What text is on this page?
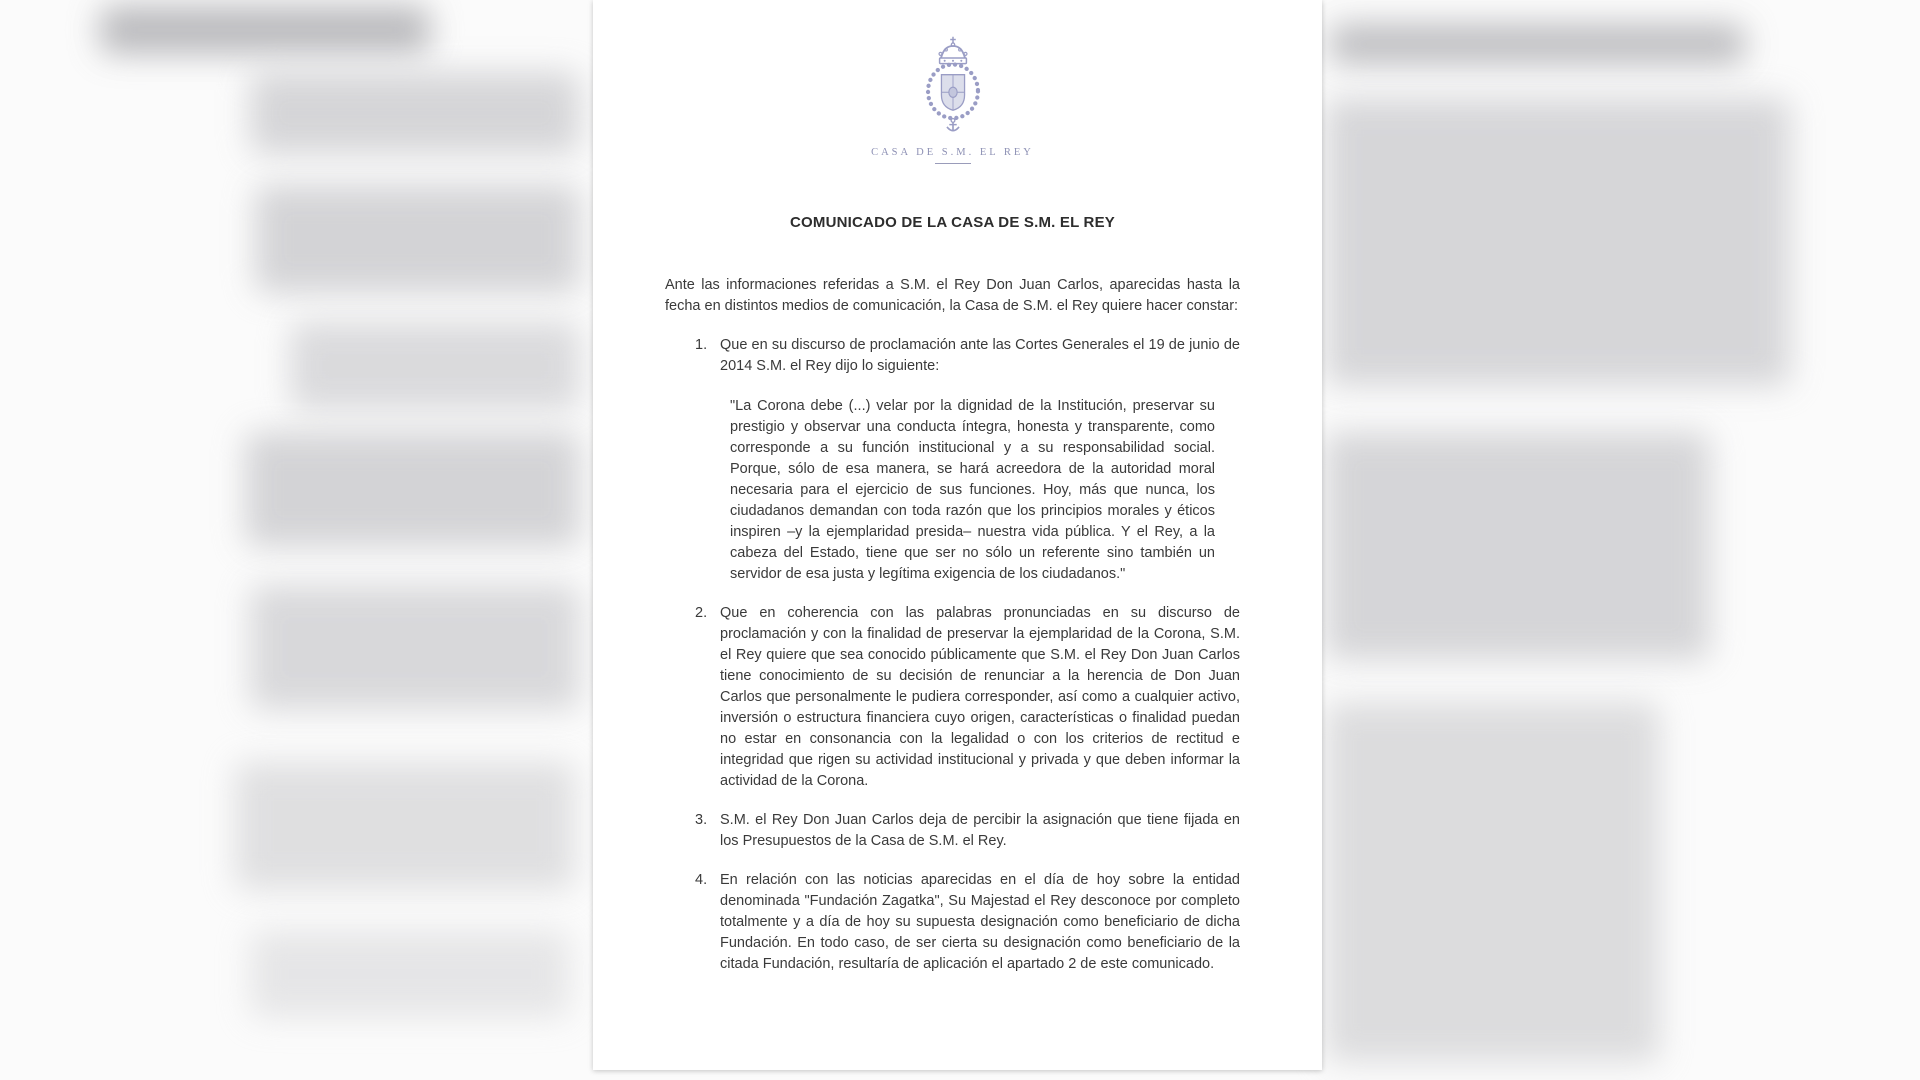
CASA DE S.M. EL REY
COMUNICADO DE LA CASA DE S.M. EL REY

Ante las informaciones referidas a S.M. el Rey Don Juan Carlos, aparecidas hasta la fecha en distintos medios de comunicación, la Casa de S.M. el Rey quiere hacer constar:

1. Que en su discurso de proclamación ante las Cortes Generales el 19 de junio de 2014 S.M. el Rey dijo lo siguiente:

"La Corona debe (...) velar por la dignidad de la Institución, preservar su prestigio y observar una conducta íntegra, honesta y transparente, como corresponde a su función institucional y a su responsabilidad social. Porque, sólo de esa manera, se hará acreedora de la autoridad moral necesaria para el ejercicio de sus funciones. Hoy, más que nunca, los ciudadanos demandan con toda razón que los principios morales y éticos inspiren –y la ejemplaridad presida– nuestra vida pública. Y el Rey, a la cabeza del Estado, tiene que ser no sólo un referente sino también un servidor de esa justa y legítima exigencia de los ciudadanos."

2. Que en coherencia con las palabras pronunciadas en su discurso de proclamación y con la finalidad de preservar la ejemplaridad de la Corona, S.M. el Rey quiere que sea conocido públicamente que S.M. el Rey Don Juan Carlos tiene conocimiento de su decisión de renunciar a la herencia de Don Juan Carlos que personalmente le pudiera corresponder, así como a cualquier activo, inversión o estructura financiera cuyo origen, características o finalidad puedan no estar en consonancia con la legalidad o con los criterios de rectitud e integridad que rigen su actividad institucional y privada y que deben informar la actividad de la Corona.
3. S.M. el Rey Don Juan Carlos deja de percibir la asignación que tiene fijada en los Presupuestos de la Casa de S.M. el Rey.
4. En relación con las noticias aparecidas en el día de hoy sobre la entidad denominada "Fundación Zagatka", Su Majestad el Rey desconoce por completo totalmente y a día de hoy su supuesta designación como beneficiario de dicha Fundación. En todo caso, de ser cierta su designación como beneficiario de la citada Fundación, resultaría de aplicación el apartado 2 de este comunicado.
